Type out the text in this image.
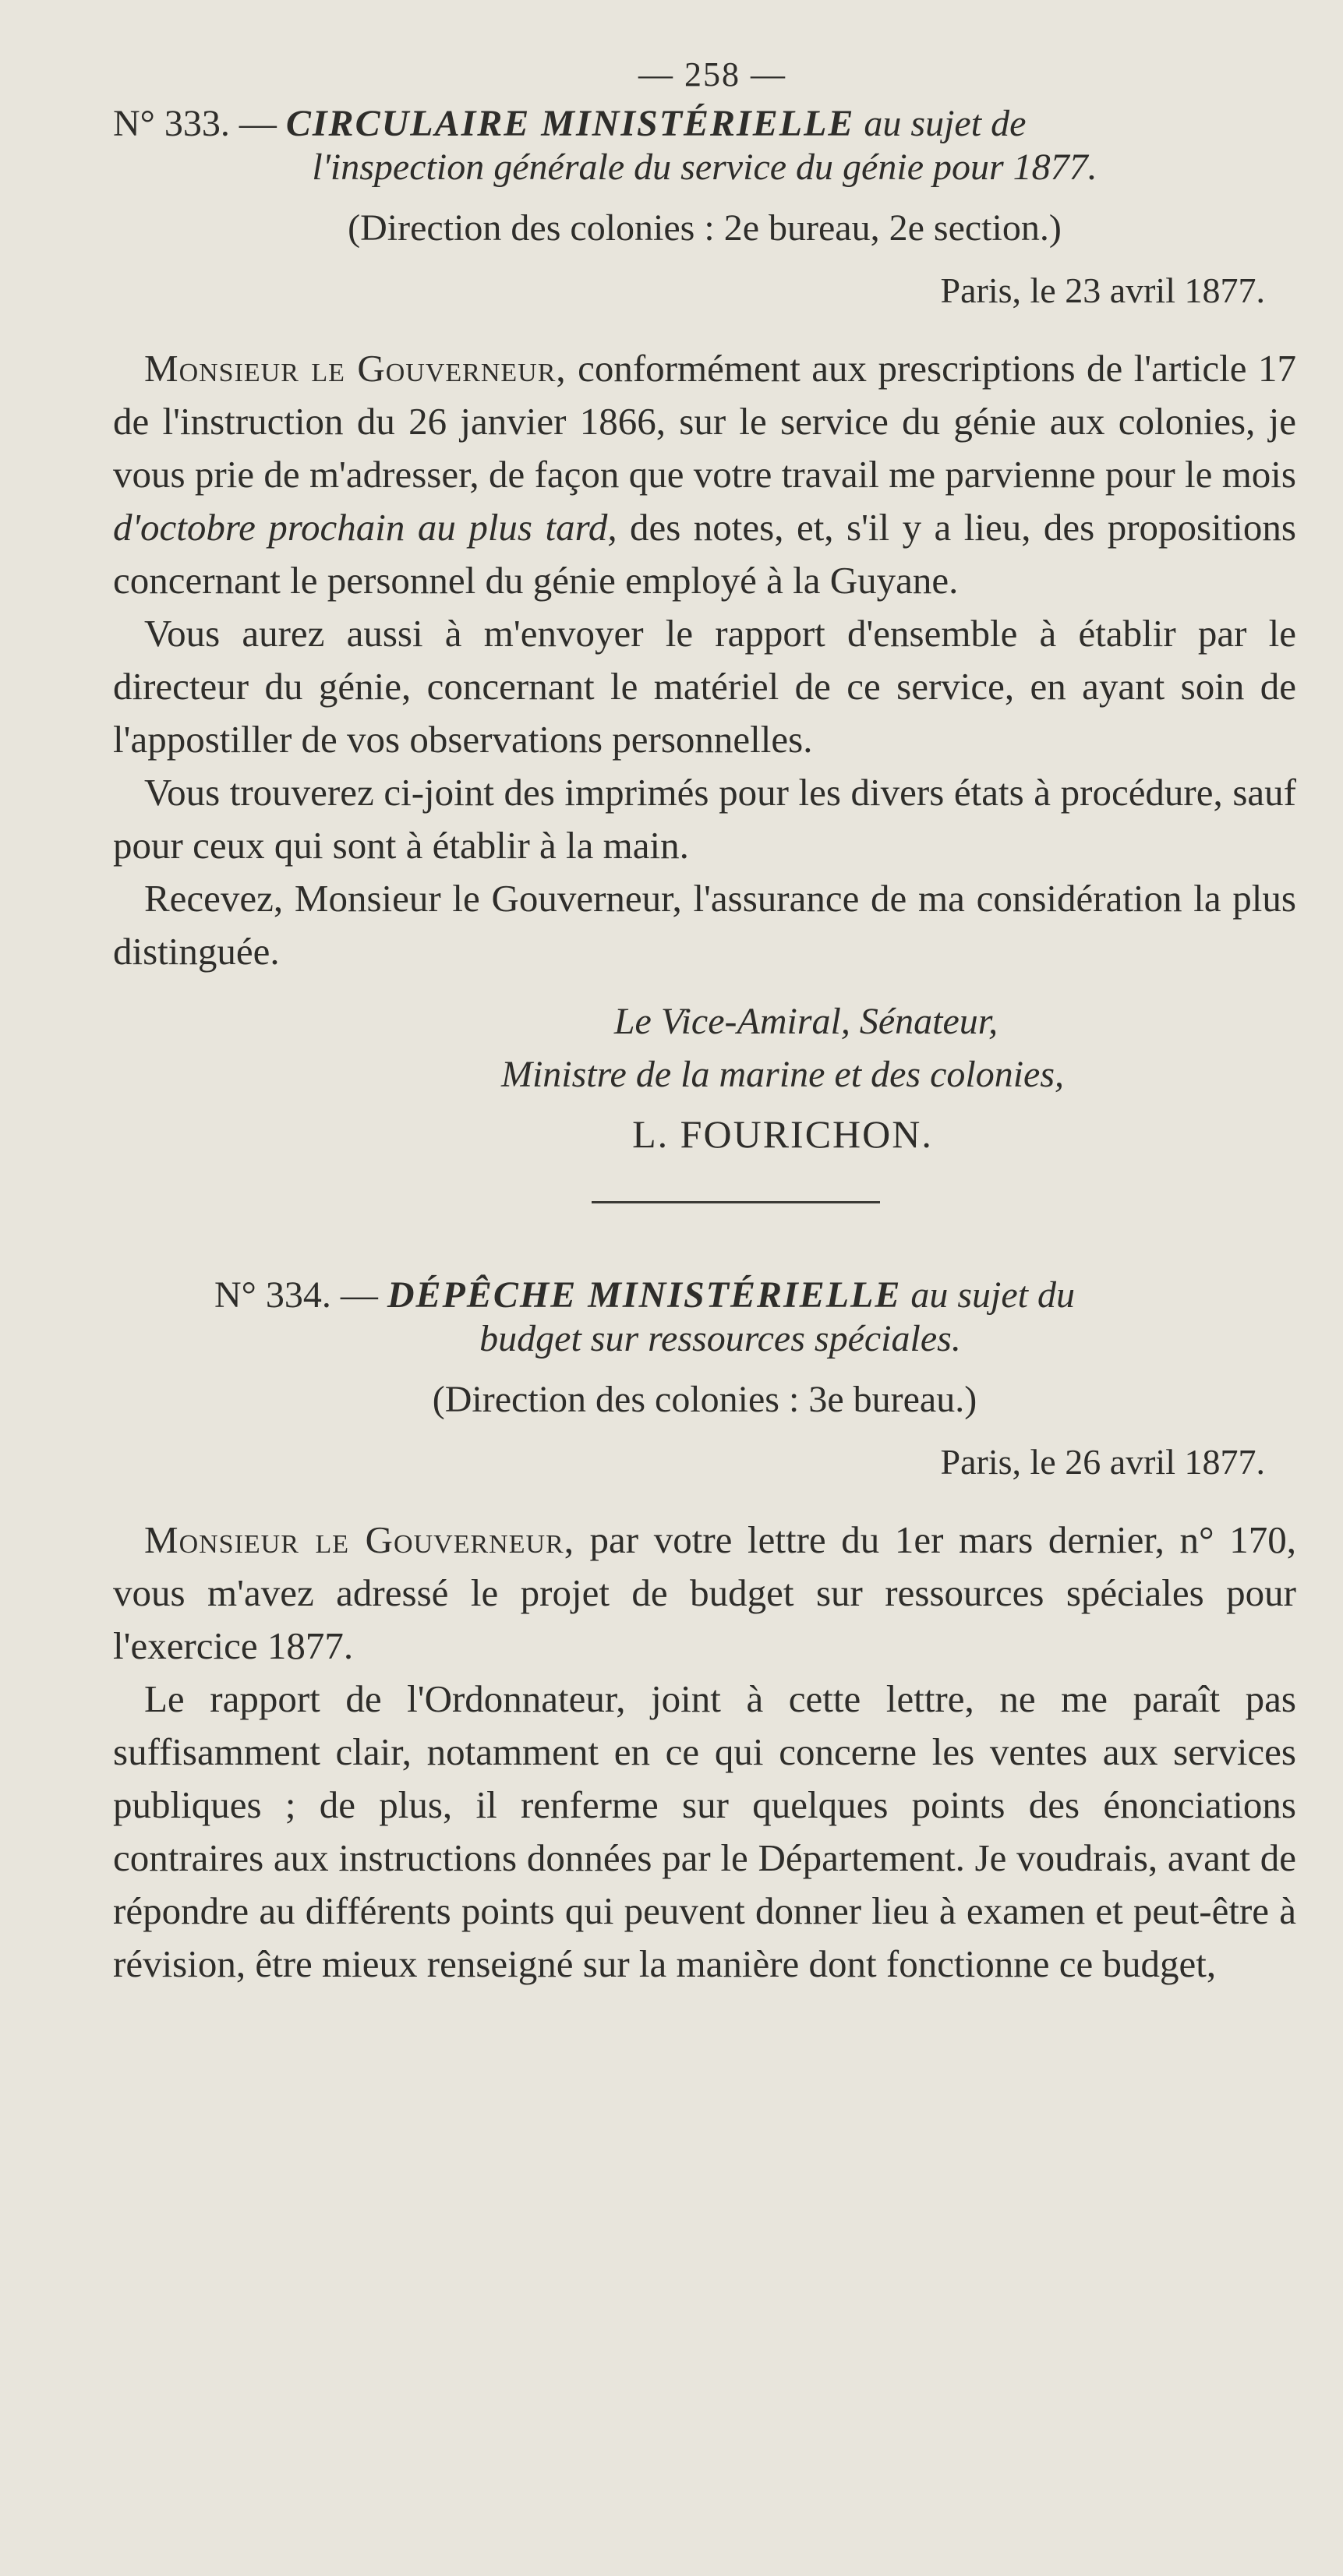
— 258 —
N° 333. — CIRCULAIRE MINISTÉRIELLE au sujet de
l'inspection générale du service du génie pour 1877.
(Direction des colonies : 2e bureau, 2e section.)
Paris, le 23 avril 1877.

Monsieur le Gouverneur, conformément aux prescriptions de l'article 17 de l'instruction du 26 janvier 1866, sur le service du génie aux colonies, je vous prie de m'adresser, de façon que votre travail me parvienne pour le mois d'octobre prochain au plus tard, des notes, et, s'il y a lieu, des propositions concernant le personnel du génie employé à la Guyane.

Vous aurez aussi à m'envoyer le rapport d'ensemble à établir par le directeur du génie, concernant le matériel de ce service, en ayant soin de l'appostiller de vos observations personnelles.

Vous trouverez ci-joint des imprimés pour les divers états à procédure, sauf pour ceux qui sont à établir à la main.

Recevez, Monsieur le Gouverneur, l'assurance de ma considération la plus distinguée.

Le Vice-Amiral, Sénateur,
Ministre de la marine et des colonies,
L. FOURICHON.
N° 334. — DÉPÊCHE MINISTÉRIELLE au sujet du
budget sur ressources spéciales.
(Direction des colonies : 3e bureau.)
Paris, le 26 avril 1877.

Monsieur le Gouverneur, par votre lettre du 1er mars dernier, n° 170, vous m'avez adressé le projet de budget sur ressources spéciales pour l'exercice 1877.

Le rapport de l'Ordonnateur, joint à cette lettre, ne me paraît pas suffisamment clair, notamment en ce qui concerne les ventes aux services publiques ; de plus, il renferme sur quelques points des énonciations contraires aux instructions données par le Département. Je voudrais, avant de répondre au différents points qui peuvent donner lieu à examen et peut-être à révision, être mieux renseigné sur la manière dont fonctionne ce budget,
